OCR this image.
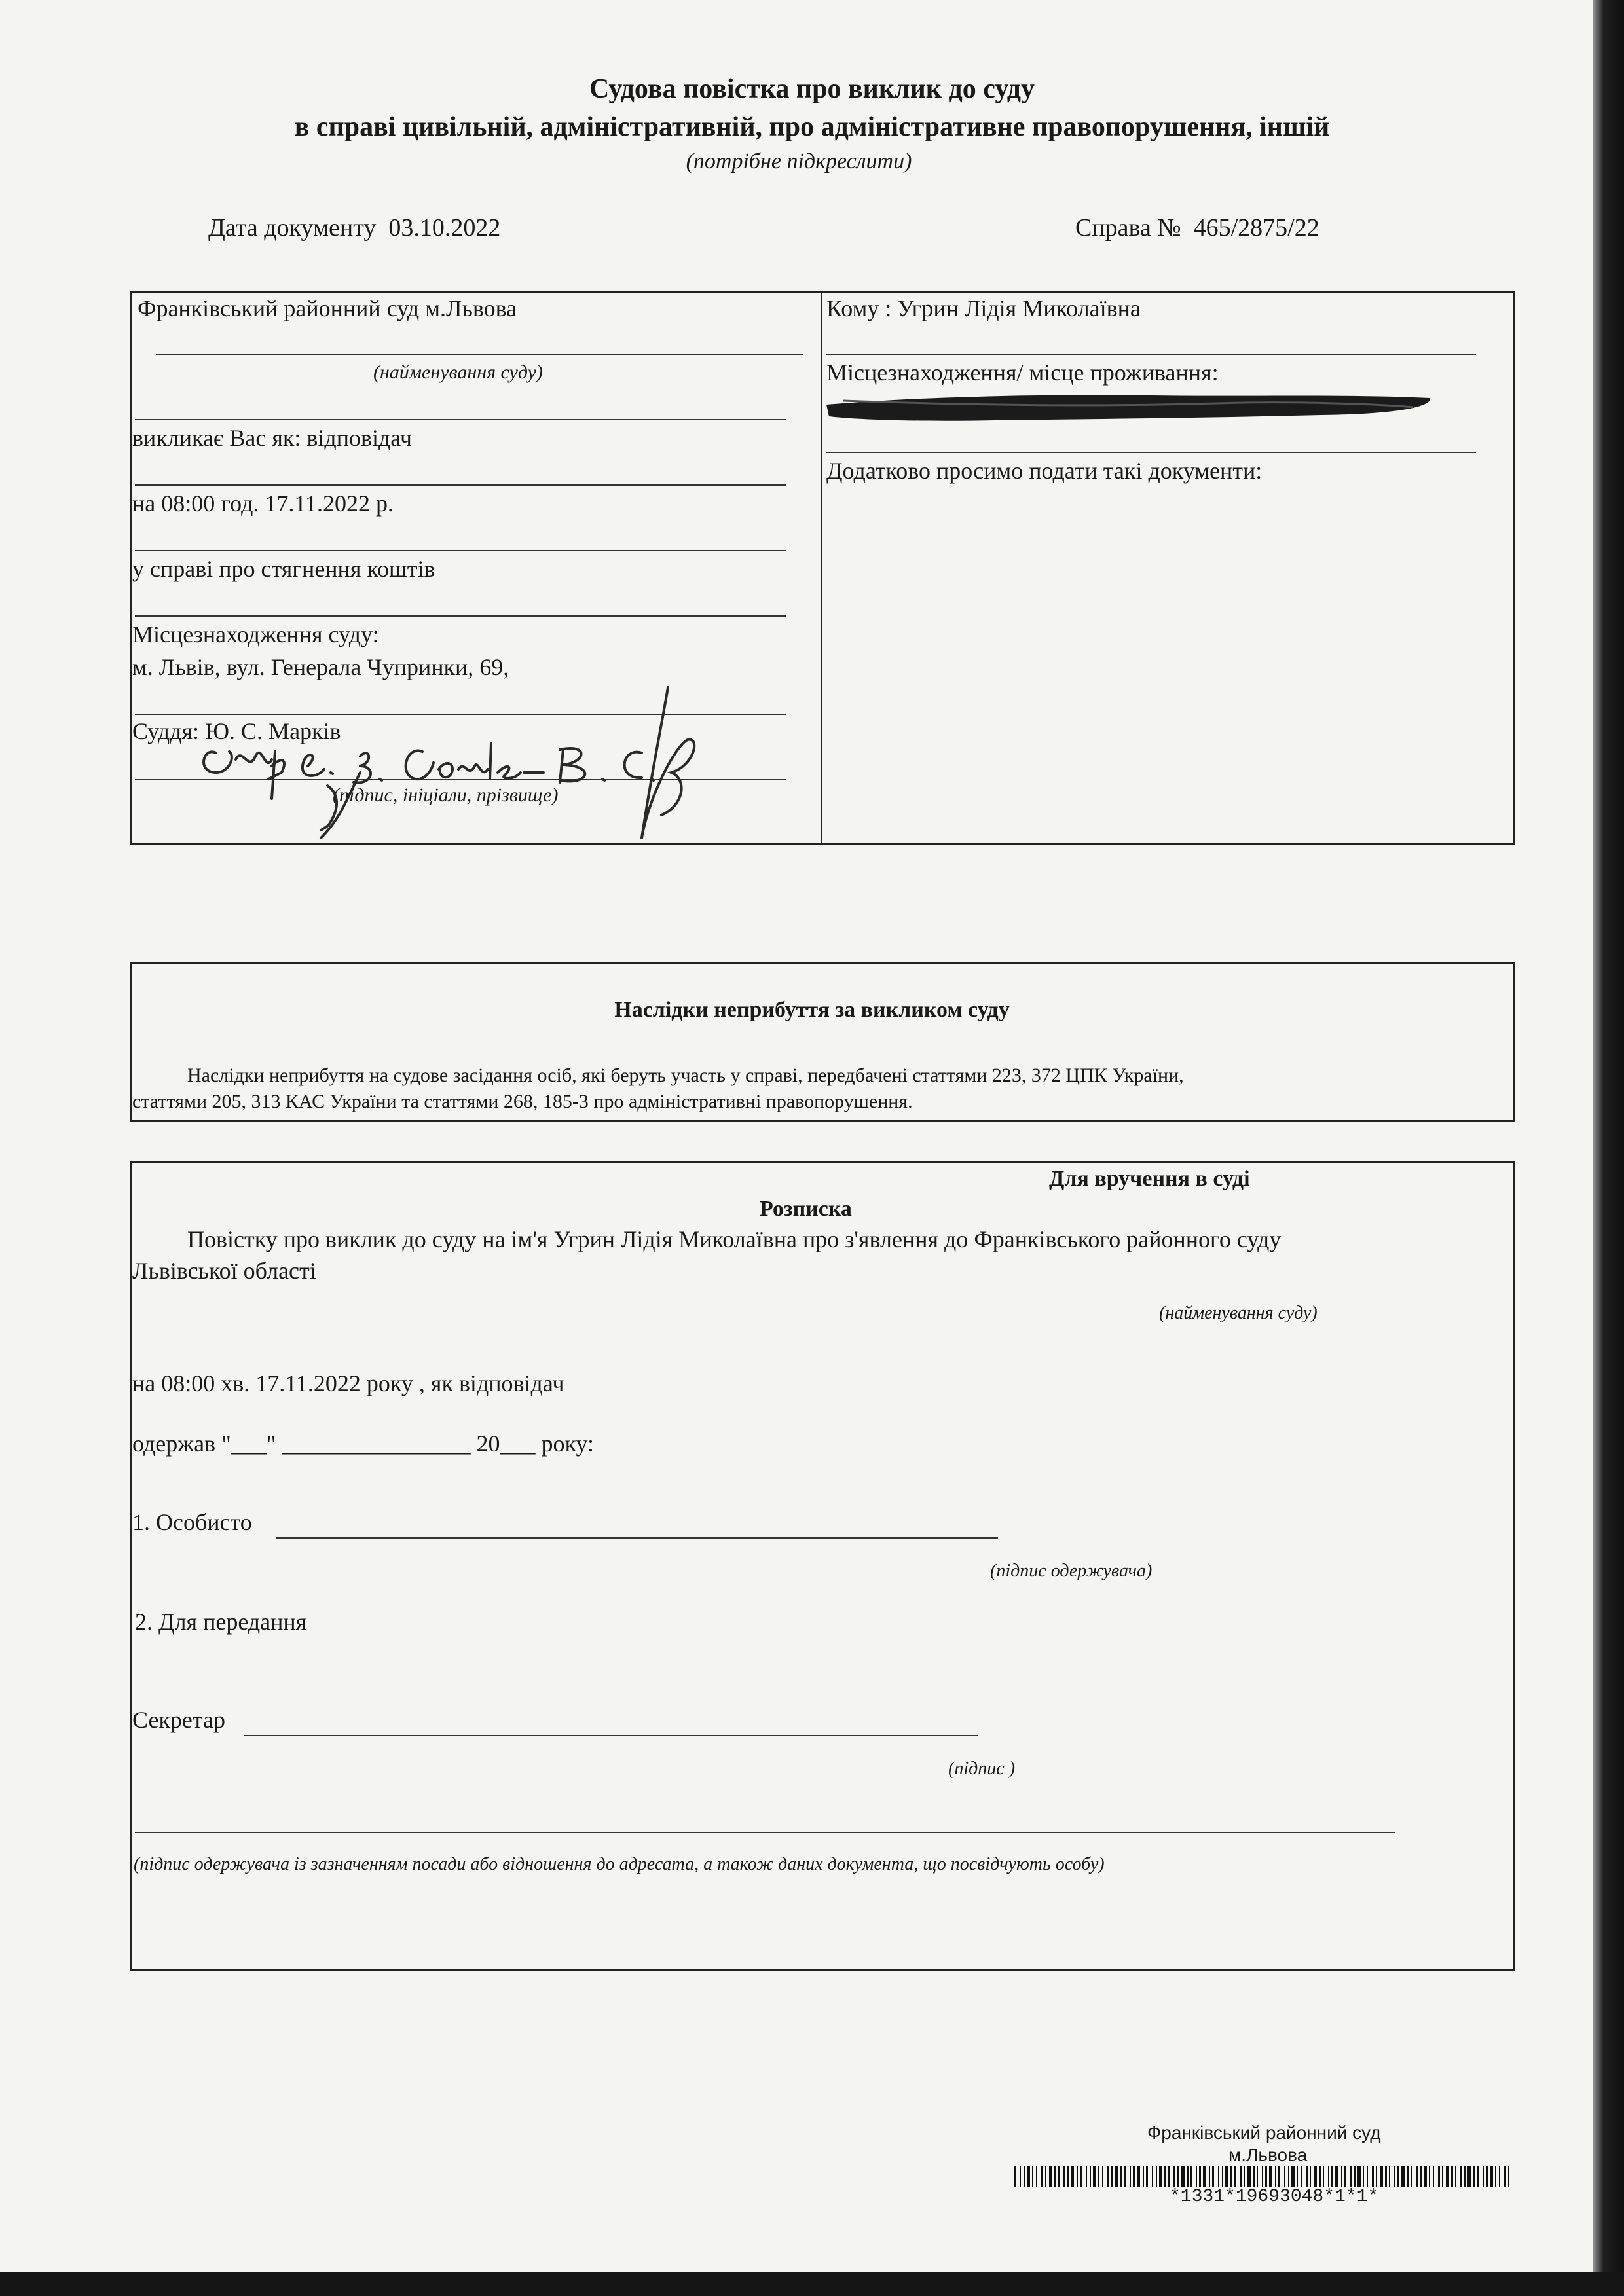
Судова повістка про виклик до суду
в справі цивільній, адміністративній, про адміністративне правопорушення, іншій
(потрібне підкреслити)
Дата документу 03.10.2022	Справа № 465/2875/22
Франківський районний суд м.Львова
(найменування суду)
викликає Вас як: відповідач
на 08:00 год. 17.11.2022 р.
у справі про стягнення коштів
Місцезнаходження суду:
м. Львів, вул. Генерала Чупринки, 69,
Суддя: Ю. С. Марків
(підпис, ініціали, прізвище)
Кому : Угрин Лідія Миколаївна
Місцезнаходження/ місце проживання:
Додатково просимо подати такі документи:
Наслідки неприбуття за викликом суду
Наслідки неприбуття на судове засідання осіб, які беруть участь у справі, передбачені статтями 223, 372 ЦПК України,
статтями 205, 313 КАС України та статтями 268, 185-3 про адміністративні правопорушення.
Для вручення в суді
Розписка
Повістку про виклик до суду на ім'я Угрин Лідія Миколаївна про з'явлення до Франківського районного суду
Львівської області
(найменування суду)
на 08:00 хв. 17.11.2022 року , як відповідач
одержав "___" ________________ 20___ року:
1. Особисто
(підпис одержувача)
2. Для передання
Секретар
(підпис )
(підпис одержувача із зазначенням посади або відношення до адресата, а також даних документа, що посвідчують особу)
Франківський районний суд
м.Львова
*1331*19693048*1*1*
